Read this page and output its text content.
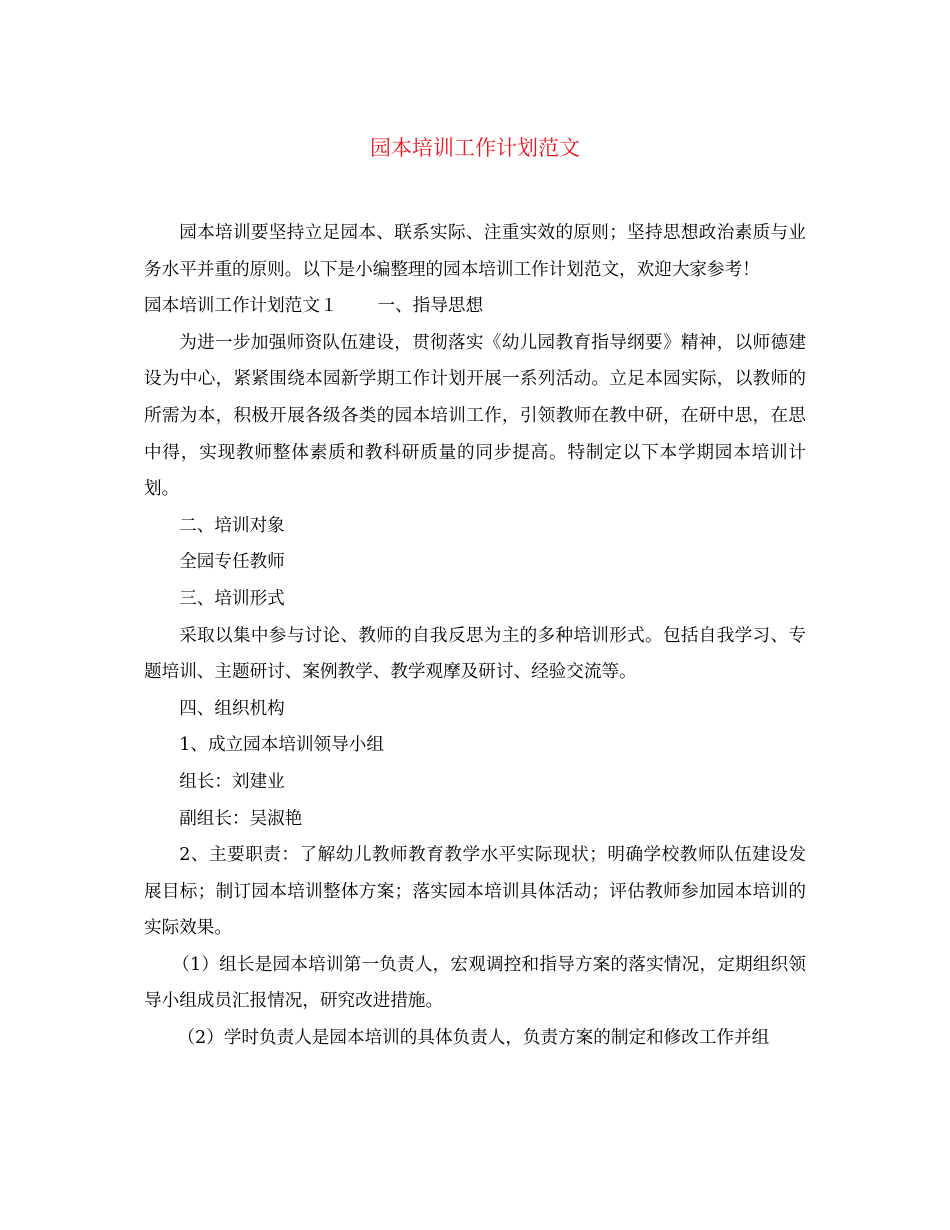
园本培训工作计划范文

园本培训要坚持立足园本、联系实际、注重实效的原则；坚持思想政治素质与业务水平并重的原则。以下是小编整理的园本培训工作计划范文，欢迎大家参考！

园本培训工作计划范文１ 一、指导思想

为进一步加强师资队伍建设，贯彻落实《幼儿园教育指导纲要》精神，以师德建设为中心，紧紧围绕本园新学期工作计划开展一系列活动。立足本园实际，以教师的所需为本，积极开展各级各类的园本培训工作，引领教师在教中研，在研中思，在思中得，实现教师整体素质和教科研质量的同步提高。特制定以下本学期园本培训计划。

二、培训对象

全园专任教师

三、培训形式

采取以集中参与讨论、教师的自我反思为主的多种培训形式。包括自我学习、专题培训、主题研讨、案例教学、教学观摩及研讨、经验交流等。

四、组织机构

1、成立园本培训领导小组

组长：刘建业

副组长：吴淑艳

2、主要职责：了解幼儿教师教育教学水平实际现状；明确学校教师队伍建设发展目标；制订园本培训整体方案；落实园本培训具体活动；评估教师参加园本培训的实际效果。

（1）组长是园本培训第一负责人，宏观调控和指导方案的落实情况，定期组织领导小组成员汇报情况，研究改进措施。

（2）学时负责人是园本培训的具体负责人，负责方案的制定和修改工作并组
